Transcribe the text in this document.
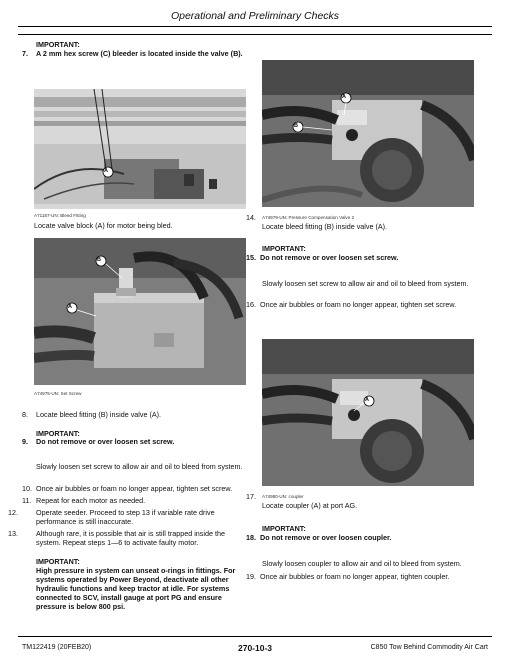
Operational and Preliminary Checks
IMPORTANT:
7. A 2 mm hex screw (C) bleeder is located inside the valve (B).
A
A71187-UN: Bleed Fitting
Locate valve block (A) for motor being bled.
B
A
A74975-UN: Set Screw
8. Locate bleed fitting (B) inside valve (A).
IMPORTANT:
9. Do not remove or over loosen set screw.
Slowly loosen set screw to allow air and oil to bleed from system.
10. Once air bubbles or foam no longer appear, tighten set screw.
11. Repeat for each motor as needed.
12.	Operate seeder. Proceed to step 13 if variable rate drive performance is still inaccurate.
13.	Although rare, it is possible that air is still trapped inside the system. Repeat steps 1—6 to activate faulty motor.
IMPORTANT:
High pressure in system can unseat o-rings in fittings. For systems operated by Power Beyond, deactivate all other hydraulic functions and keep tractor at idle. For systems connected to SCV, install gauge at port PG and ensure pressure is below 800 psi.
A
B
14. A74979-UN: Pressure Compensation Valve 2
Locate bleed fitting (B) inside valve (A).
IMPORTANT:
15. Do not remove or over loosen set screw.
Slowly loosen set screw to allow air and oil to bleed from system.
16. Once air bubbles or foam no longer appear, tighten set screw.
A
17. A74980-UN: coupler
Locate coupler (A) at port AG.
IMPORTANT:
18. Do not remove or over loosen coupler.
Slowly loosen coupler to allow air and oil to bleed from system.
19. Once air bubbles or foam no longer appear, tighten coupler.
TM122419 (20FEB20)	270-10-3	C850 Tow Behind Commodity Air Cart
